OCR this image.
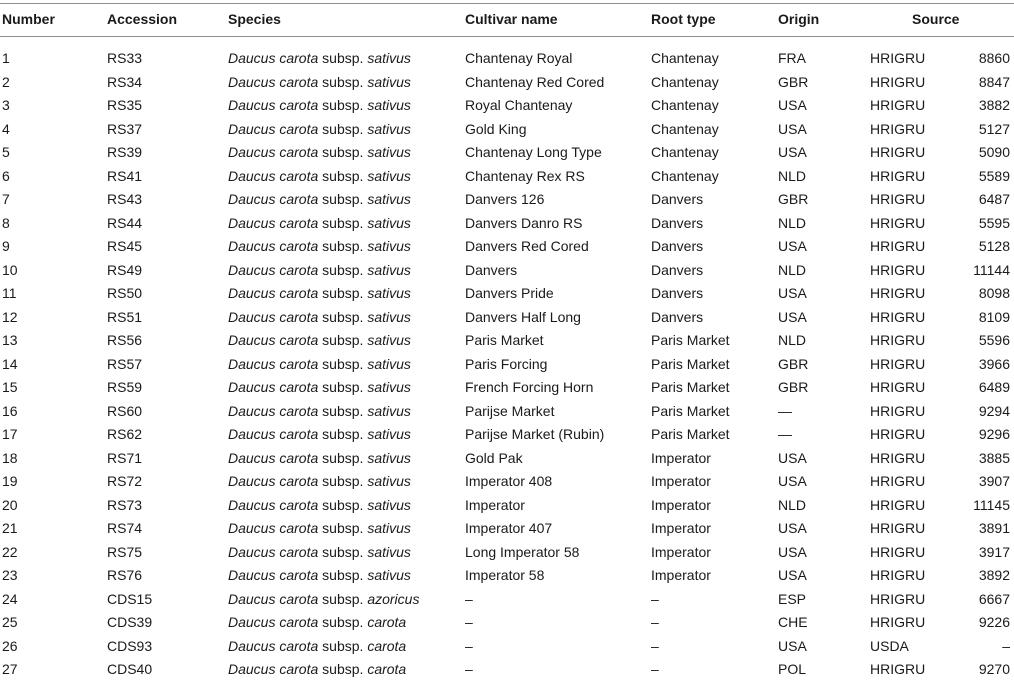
Number	Accession	Species	Cultivar name	Root type	Origin	Source
1	RS33	Daucus carota subsp. sativus	Chantenay Royal	Chantenay	FRA	HRIGRU	8860
2	RS34	Daucus carota subsp. sativus	Chantenay Red Cored	Chantenay	GBR	HRIGRU	8847
3	RS35	Daucus carota subsp. sativus	Royal Chantenay	Chantenay	USA	HRIGRU	3882
4	RS37	Daucus carota subsp. sativus	Gold King	Chantenay	USA	HRIGRU	5127
5	RS39	Daucus carota subsp. sativus	Chantenay Long Type	Chantenay	USA	HRIGRU	5090
6	RS41	Daucus carota subsp. sativus	Chantenay Rex RS	Chantenay	NLD	HRIGRU	5589
7	RS43	Daucus carota subsp. sativus	Danvers 126	Danvers	GBR	HRIGRU	6487
8	RS44	Daucus carota subsp. sativus	Danvers Danro RS	Danvers	NLD	HRIGRU	5595
9	RS45	Daucus carota subsp. sativus	Danvers Red Cored	Danvers	USA	HRIGRU	5128
10	RS49	Daucus carota subsp. sativus	Danvers	Danvers	NLD	HRIGRU	11144
11	RS50	Daucus carota subsp. sativus	Danvers Pride	Danvers	USA	HRIGRU	8098
12	RS51	Daucus carota subsp. sativus	Danvers Half Long	Danvers	USA	HRIGRU	8109
13	RS56	Daucus carota subsp. sativus	Paris Market	Paris Market	NLD	HRIGRU	5596
14	RS57	Daucus carota subsp. sativus	Paris Forcing	Paris Market	GBR	HRIGRU	3966
15	RS59	Daucus carota subsp. sativus	French Forcing Horn	Paris Market	GBR	HRIGRU	6489
16	RS60	Daucus carota subsp. sativus	Parijse Market	Paris Market	—	HRIGRU	9294
17	RS62	Daucus carota subsp. sativus	Parijse Market (Rubin)	Paris Market	—	HRIGRU	9296
18	RS71	Daucus carota subsp. sativus	Gold Pak	Imperator	USA	HRIGRU	3885
19	RS72	Daucus carota subsp. sativus	Imperator 408	Imperator	USA	HRIGRU	3907
20	RS73	Daucus carota subsp. sativus	Imperator	Imperator	NLD	HRIGRU	11145
21	RS74	Daucus carota subsp. sativus	Imperator 407	Imperator	USA	HRIGRU	3891
22	RS75	Daucus carota subsp. sativus	Long Imperator 58	Imperator	USA	HRIGRU	3917
23	RS76	Daucus carota subsp. sativus	Imperator 58	Imperator	USA	HRIGRU	3892
24	CDS15	Daucus carota subsp. azoricus	–	–	ESP	HRIGRU	6667
25	CDS39	Daucus carota subsp. carota	–	–	CHE	HRIGRU	9226
26	CDS93	Daucus carota subsp. carota	–	–	USA	USDA	–
27	CDS40	Daucus carota subsp. carota	–	–	POL	HRIGRU	9270
